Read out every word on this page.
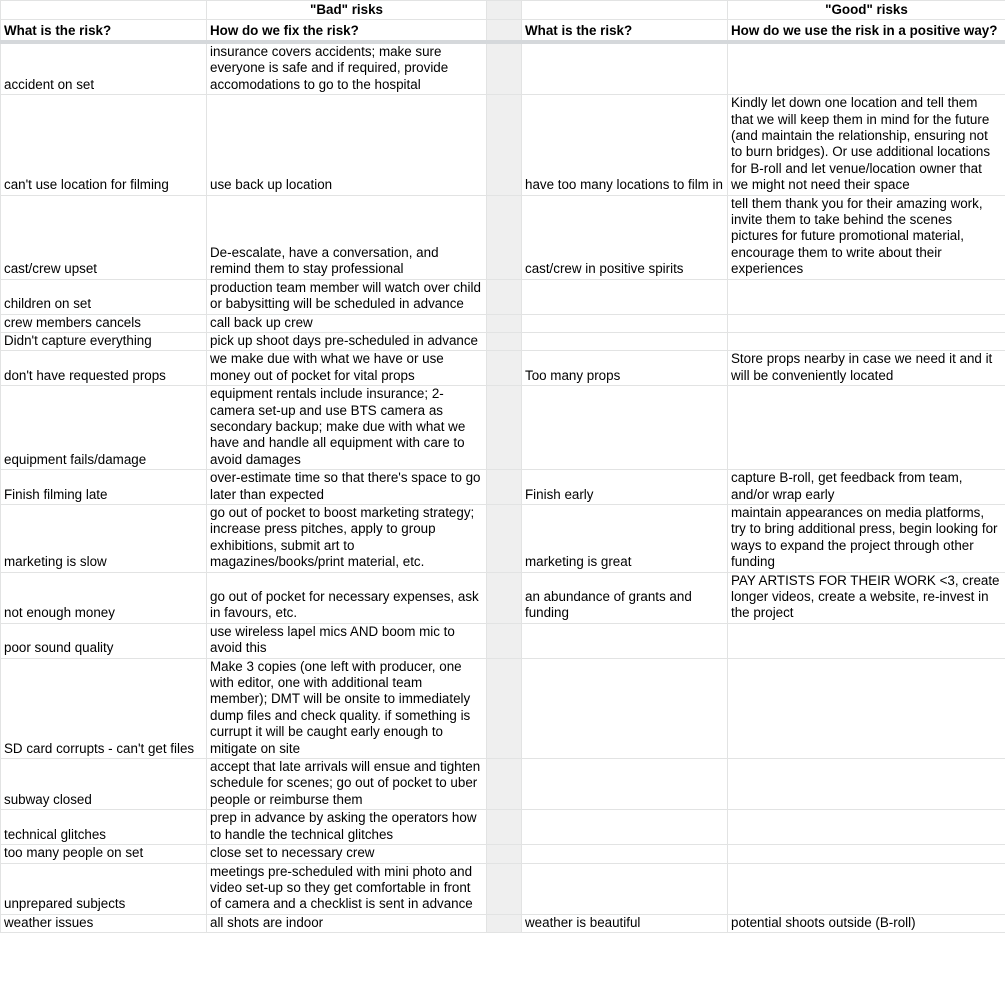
	"Bad" risks			"Good" risks
What is the risk?	How do we fix the risk?		What is the risk?	How do we use the risk in a positive way?
accident on set	insurance covers accidents; make sure everyone is safe and if required, provide accomodations to go to the hospital			
can't use location for filming	use back up location		have too many locations to film in	Kindly let down one location and tell them that we will keep them in mind for the future (and maintain the relationship, ensuring not to burn bridges). Or use additional locations for B-roll and let venue/location owner that we might not need their space
cast/crew upset	De-escalate, have a conversation, and remind them to stay professional		cast/crew in positive spirits	tell them thank you for their amazing work, invite them to take behind the scenes pictures for future promotional material, encourage them to write about their experiences
children on set	production team member will watch over child or babysitting will be scheduled in advance			
crew members cancels	call back up crew			
Didn't capture everything	pick up shoot days pre-scheduled in advance			
don't have requested props	we make due with what we have or use money out of pocket for vital props		Too many props	Store props nearby in case we need it and it will be conveniently located
equipment fails/damage	equipment rentals include insurance; 2-camera set-up and use BTS camera as secondary backup; make due with what we have and handle all equipment with care to avoid damages			
Finish filming late	over-estimate time so that there's space to go later than expected		Finish early	capture B-roll, get feedback from team, and/or wrap early
marketing is slow	go out of pocket to boost marketing strategy; increase press pitches, apply to group exhibitions, submit art to magazines/books/print material, etc.		marketing is great	maintain appearances on media platforms, try to bring additional press, begin looking for ways to expand the project through other funding
not enough money	go out of pocket for necessary expenses, ask in favours, etc.		an abundance of grants and funding	PAY ARTISTS FOR THEIR WORK <3, create longer videos, create a website, re-invest in the project
poor sound quality	use wireless lapel mics AND boom mic to avoid this			
SD card corrupts - can't get files	Make 3 copies (one left with producer, one with editor, one with additional team member); DMT will be onsite to immediately dump files and check quality. if something is currupt it will be caught early enough to mitigate on site			
subway closed	accept that late arrivals will ensue and tighten schedule for scenes; go out of pocket to uber people or reimburse them			
technical glitches	prep in advance by asking the operators how to handle the technical glitches			
too many people on set	close set to necessary crew			
unprepared subjects	meetings pre-scheduled with mini photo and video set-up so they get comfortable in front of camera and a checklist is sent in advance			
weather issues	all shots are indoor		weather is beautiful	potential shoots outside (B-roll)
